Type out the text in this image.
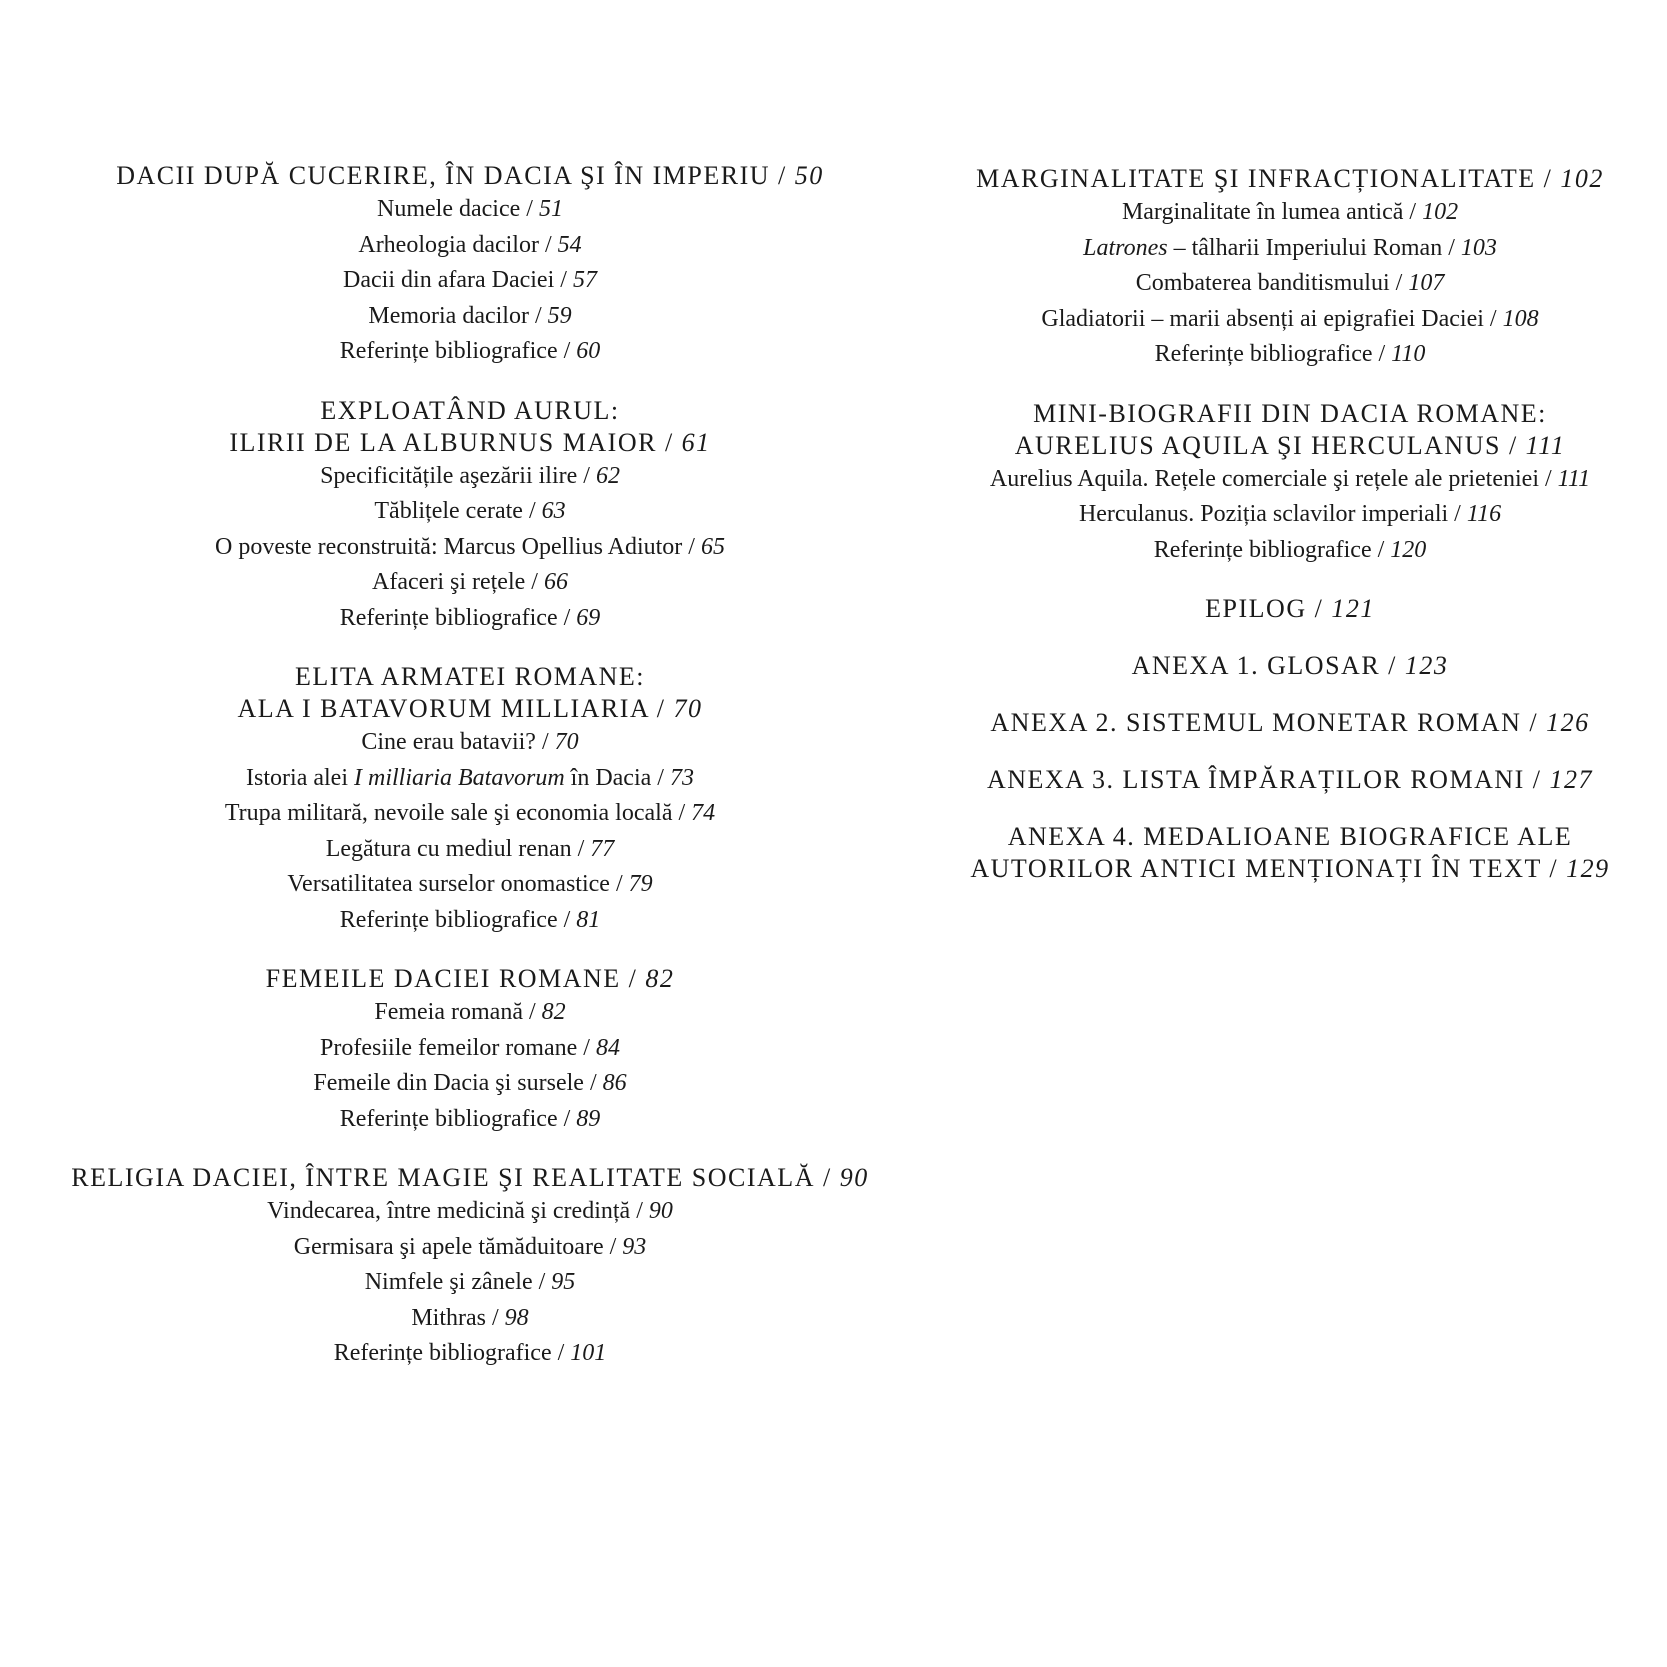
DACII DUPĂ CUCERIRE, ÎN DACIA ŞI ÎN IMPERIU / 50
Numele dacice / 51
Arheologia dacilor / 54
Dacii din afara Daciei / 57
Memoria dacilor / 59
Referințe bibliografice / 60
EXPLOATÂND AURUL:
ILIRII DE LA ALBURNUS MAIOR / 61
Specificitățile aşezării ilire / 62
Tăblițele cerate / 63
O poveste reconstruită: Marcus Opellius Adiutor / 65
Afaceri şi rețele / 66
Referințe bibliografice / 69
ELITA ARMATEI ROMANE:
ALA I BATAVORUM MILLIARIA / 70
Cine erau batavii? / 70
Istoria alei I milliaria Batavorum în Dacia / 73
Trupa militară, nevoile sale şi economia locală / 74
Legătura cu mediul renan / 77
Versatilitatea surselor onomastice / 79
Referințe bibliografice / 81
FEMEILE DACIEI ROMANE / 82
Femeia romană / 82
Profesiile femeilor romane / 84
Femeile din Dacia şi sursele / 86
Referințe bibliografice / 89
RELIGIA DACIEI, ÎNTRE MAGIE ŞI REALITATE SOCIALĂ / 90
Vindecarea, între medicină şi credință / 90
Germisara şi apele tămăduitoare / 93
Nimfele şi zânele / 95
Mithras / 98
Referințe bibliografice / 101
MARGINALITATE ŞI INFRACȚIONALITATE / 102
Marginalitate în lumea antică / 102
Latrones – tâlharii Imperiului Roman / 103
Combaterea banditismului / 107
Gladiatorii – marii absenți ai epigrafiei Daciei / 108
Referințe bibliografice / 110
MINI-BIOGRAFII DIN DACIA ROMANE:
AURELIUS AQUILA ŞI HERCULANUS / 111
Aurelius Aquila. Rețele comerciale şi rețele ale prieteniei / 111
Herculanus. Poziția sclavilor imperiali / 116
Referințe bibliografice / 120
EPILOG / 121
ANEXA 1. GLOSAR / 123
ANEXA 2. SISTEMUL MONETAR ROMAN / 126
ANEXA 3. LISTA ÎMPĂRAȚILOR ROMANI / 127
ANEXA 4. MEDALIOANE BIOGRAFICE ALE
AUTORILOR ANTICI MENȚIONAȚI ÎN TEXT / 129
